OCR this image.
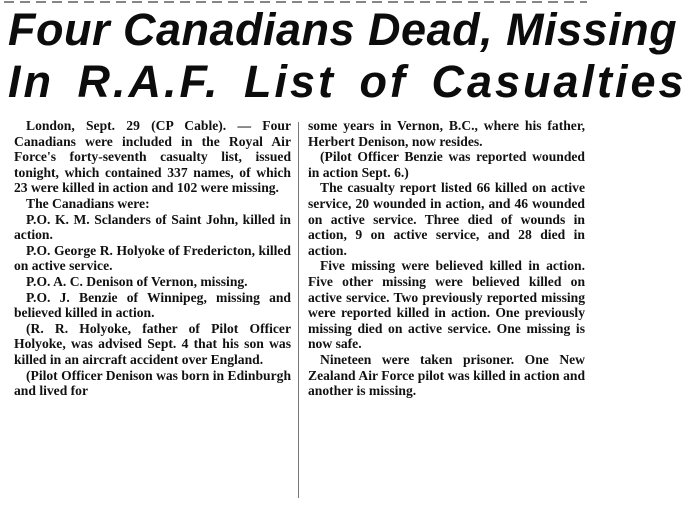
Four Canadians Dead, Missing
In R.A.F. List of Casualties

London, Sept. 29 (CP Cable). — Four Canadians were included in the Royal Air Force's forty-seventh casualty list, issued tonight, which contained 337 names, of which 23 were killed in action and 102 were missing.

The Canadians were:

P.O. K. M. Sclanders of Saint John, killed in action.

P.O. George R. Holyoke of Fredericton, killed on active service.

P.O. A. C. Denison of Vernon, missing.

P.O. J. Benzie of Winnipeg, missing and believed killed in action.

(R. R. Holyoke, father of Pilot Officer Holyoke, was advised Sept. 4 that his son was killed in an aircraft accident over England.

(Pilot Officer Denison was born in Edinburgh and lived for

some years in Vernon, B.C., where his father, Herbert Denison, now resides.

(Pilot Officer Benzie was reported wounded in action Sept. 6.)

The casualty report listed 66 killed on active service, 20 wounded in action, and 46 wounded on active service. Three died of wounds in action, 9 on active service, and 28 died in action.

Five missing were believed killed in action. Five other missing were believed killed on active service. Two previously reported missing were reported killed in action. One previously missing died on active service. One missing is now safe.

Nineteen were taken prisoner. One New Zealand Air Force pilot was killed in action and another is missing.
